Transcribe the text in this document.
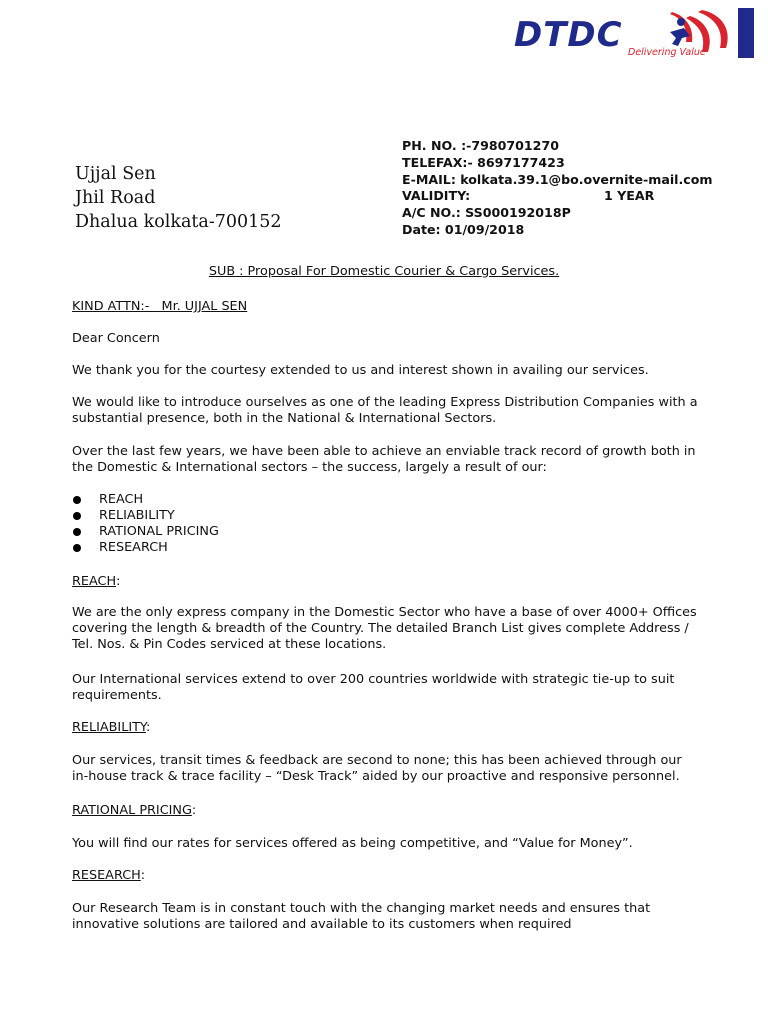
DTDC Delivering Value
PH. NO. :-7980701270
TELEFAX:- 8697177423
E-MAIL: kolkata.39.1@bo.overnite-mail.com
VALIDITY:	1 YEAR
A/C NO.: SS000192018P
Date: 01/09/2018
Ujjal Sen
Jhil Road
Dhalua kolkata-700152
SUB : Proposal For Domestic Courier & Cargo Services.
KIND ATTN:-   Mr. UJJAL SEN
Dear Concern
We thank you for the courtesy extended to us and interest shown in availing our services.
We would like to introduce ourselves as one of the leading Express Distribution Companies with a substantial presence, both in the National & International Sectors.
Over the last few years, we have been able to achieve an enviable track record of growth both in the Domestic & International sectors – the success, largely a result of our:
REACH
RELIABILITY
RATIONAL PRICING
RESEARCH
REACH:
We are the only express company in the Domestic Sector who have a base of over 4000+ Offices covering the length & breadth of the Country. The detailed Branch List gives complete Address / Tel. Nos. & Pin Codes serviced at these locations.
Our International services extend to over 200 countries worldwide with strategic tie-up to suit requirements.
RELIABILITY:
Our services, transit times & feedback are second to none; this has been achieved through our in-house track & trace facility – “Desk Track” aided by our proactive and responsive personnel.
RATIONAL PRICING:
You will find our rates for services offered as being competitive, and “Value for Money”.
RESEARCH:
Our Research Team is in constant touch with the changing market needs and ensures that innovative solutions are tailored and available to its customers when required
